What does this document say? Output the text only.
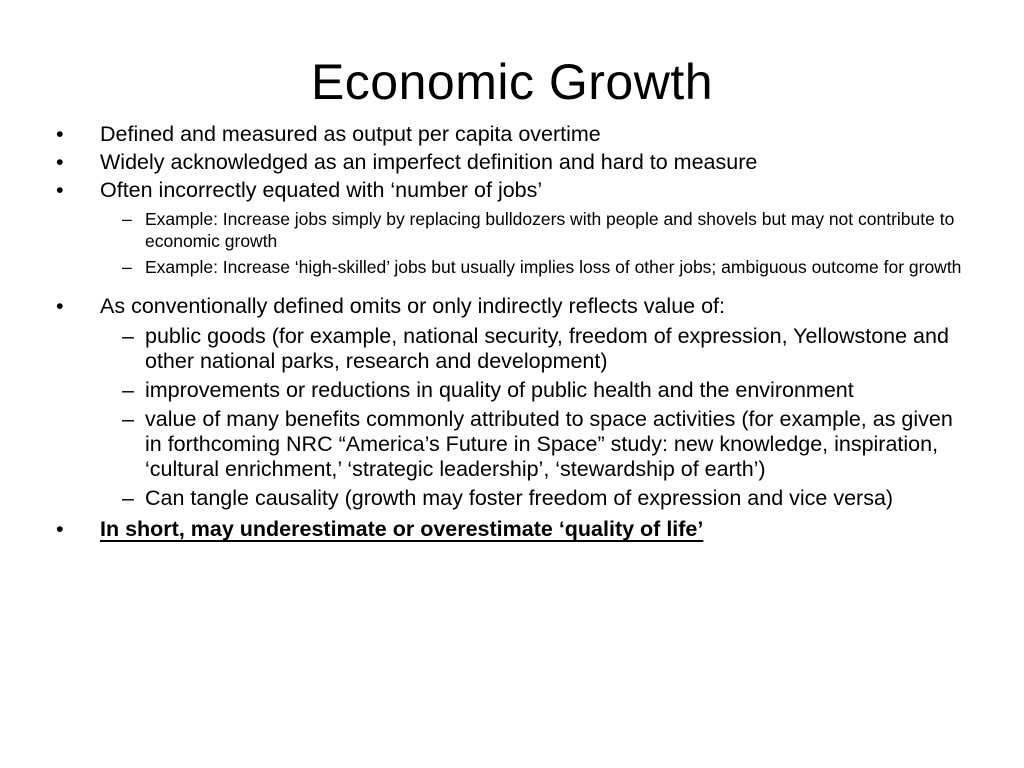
Economic Growth

• Defined and measured as output per capita overtime

• Widely acknowledged as an imperfect definition and hard to measure

• Often incorrectly equated with ‘number of jobs’

– Example: Increase jobs simply by replacing bulldozers with people and shovels but may not contribute to economic growth

– Example: Increase ‘high-skilled’ jobs but usually implies loss of other jobs; ambiguous outcome for growth

• As conventionally defined omits or only indirectly reflects value of:

– public goods (for example, national security, freedom of expression, Yellowstone and other national parks, research and development)

– improvements or reductions in quality of public health and the environment

– value of many benefits commonly attributed to space activities (for example, as given in forthcoming NRC “America’s Future in Space” study: new knowledge, inspiration, ‘cultural enrichment,’ ‘strategic leadership’, ‘stewardship of earth’)

– Can tangle causality (growth may foster freedom of expression and vice versa)

• In short, may underestimate or overestimate ‘quality of life’
